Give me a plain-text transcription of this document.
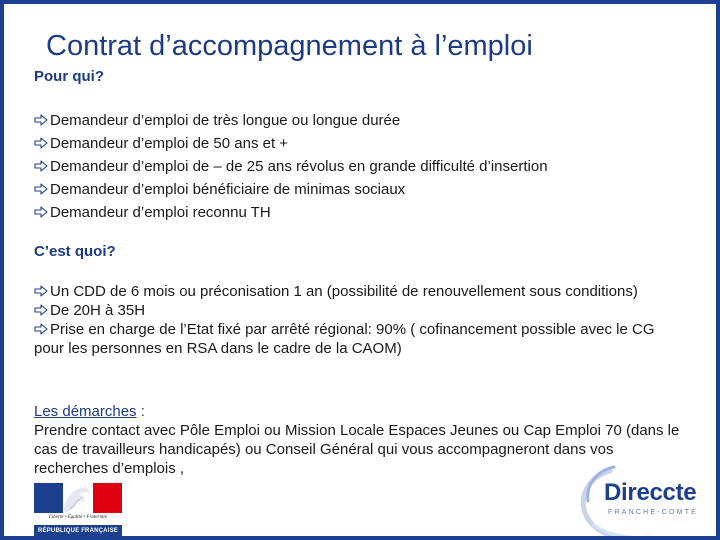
Contrat d’accompagnement à l’emploi
Pour qui?
Demandeur d’emploi de très longue ou longue durée
Demandeur d’emploi de 50 ans et +
Demandeur d’emploi de – de 25 ans révolus en grande difficulté d’insertion
Demandeur d’emploi bénéficiaire de minimas sociaux
Demandeur d’emploi reconnu TH
C’est quoi?
Un CDD de 6 mois ou préconisation 1 an (possibilité de renouvellement sous conditions)
De 20H à 35H
Prise en charge de l’Etat fixé par arrêté régional: 90% ( cofinancement possible avec le CG pour les personnes en RSA dans le cadre de la CAOM)
Les démarches :
Prendre contact avec Pôle Emploi ou Mission Locale Espaces Jeunes ou Cap Emploi 70 (dans le cas de travailleurs handicapés) ou Conseil Général qui vous accompagneront dans vos recherches d’emplois ,
Liberté • Égalité • Fraternité
RÉPUBLIQUE FRANÇAISE
Direccte
FRANCHE-COMTÉ
